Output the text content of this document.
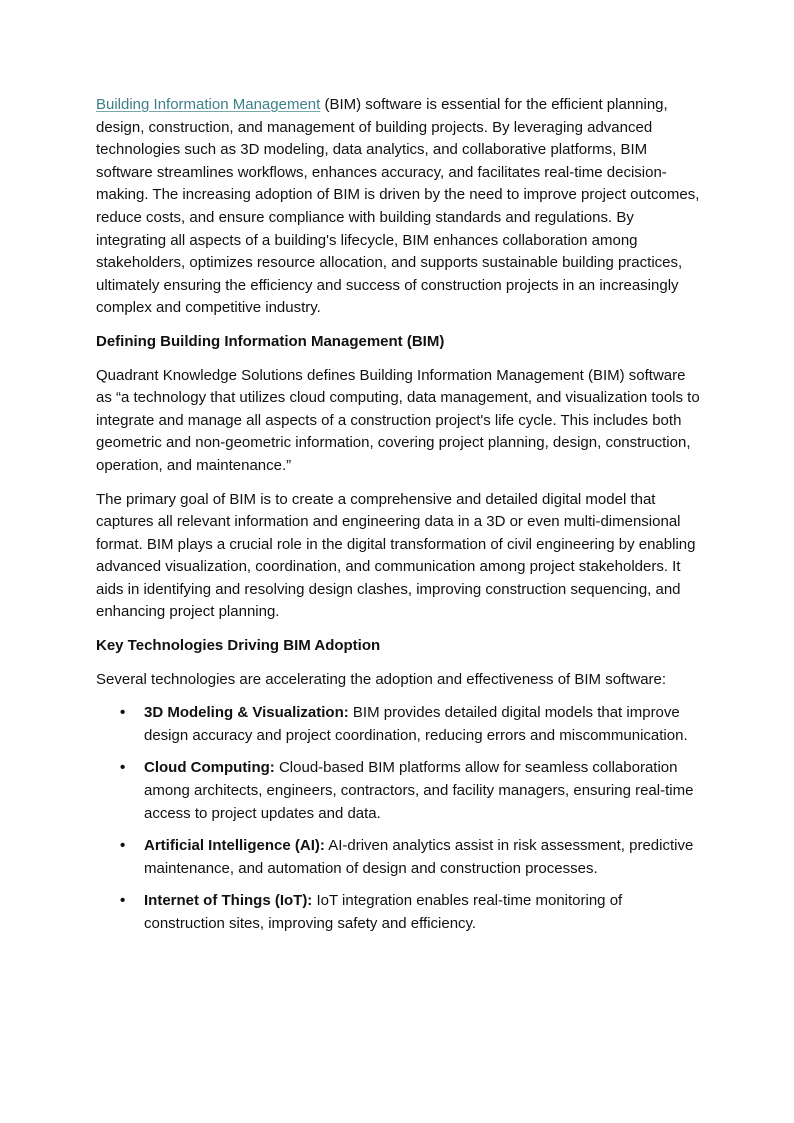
Building Information Management (BIM) software is essential for the efficient planning, design, construction, and management of building projects. By leveraging advanced technologies such as 3D modeling, data analytics, and collaborative platforms, BIM software streamlines workflows, enhances accuracy, and facilitates real-time decision-making. The increasing adoption of BIM is driven by the need to improve project outcomes, reduce costs, and ensure compliance with building standards and regulations. By integrating all aspects of a building's lifecycle, BIM enhances collaboration among stakeholders, optimizes resource allocation, and supports sustainable building practices, ultimately ensuring the efficiency and success of construction projects in an increasingly complex and competitive industry.

Defining Building Information Management (BIM)

Quadrant Knowledge Solutions defines Building Information Management (BIM) software as “a technology that utilizes cloud computing, data management, and visualization tools to integrate and manage all aspects of a construction project's life cycle. This includes both geometric and non-geometric information, covering project planning, design, construction, operation, and maintenance.”

The primary goal of BIM is to create a comprehensive and detailed digital model that captures all relevant information and engineering data in a 3D or even multi-dimensional format. BIM plays a crucial role in the digital transformation of civil engineering by enabling advanced visualization, coordination, and communication among project stakeholders. It aids in identifying and resolving design clashes, improving construction sequencing, and enhancing project planning.

Key Technologies Driving BIM Adoption

Several technologies are accelerating the adoption and effectiveness of BIM software:

• 3D Modeling & Visualization: BIM provides detailed digital models that improve design accuracy and project coordination, reducing errors and miscommunication.
• Cloud Computing: Cloud-based BIM platforms allow for seamless collaboration among architects, engineers, contractors, and facility managers, ensuring real-time access to project updates and data.
• Artificial Intelligence (AI): AI-driven analytics assist in risk assessment, predictive maintenance, and automation of design and construction processes.
• Internet of Things (IoT): IoT integration enables real-time monitoring of construction sites, improving safety and efficiency.
